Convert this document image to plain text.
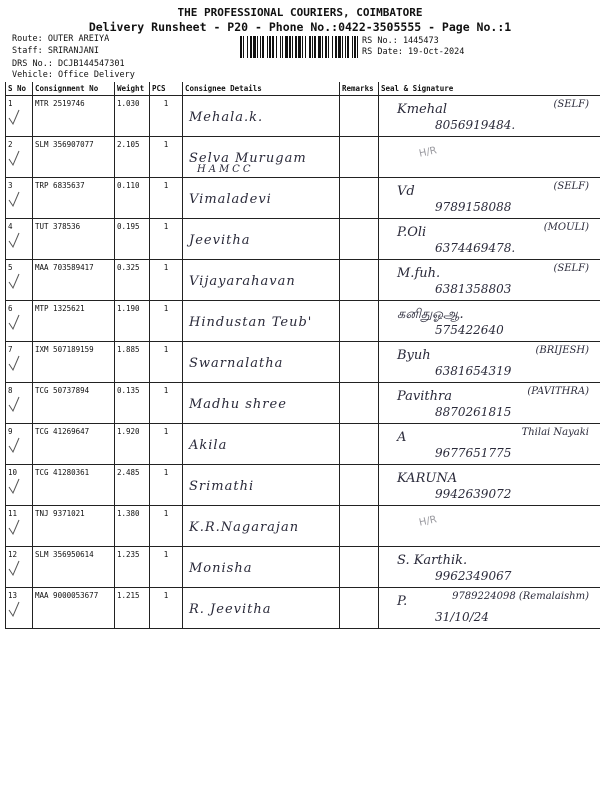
THE PROFESSIONAL COURIERS, COIMBATORE
Delivery Runsheet - P20 - Phone No.:0422-3505555 - Page No.:1
Route: OUTER AREIYA
Staff: SRIRANJANI
DRS No.: DCJB144547301
Vehicle: Office Delivery
RS No.: 1445473
RS Date: 19-Oct-2024
S No	Consignment No	Weight	PCS	Consignee Details	Remarks	Seal & Signature

1	MTR 2519746	1.030	1	Mehala.k.		Kmehal
8056919484.
(SELF)

2	SLM 356907077	2.105	1	Selva Murugam
HAMCC		H/R

3	TRP 6835637	0.110	1	Vimaladevi		Vd
9789158088
(SELF)

4	TUT 378536	0.195	1	Jeevitha		P.Oli
6374469478.
(MOULI)

5	MAA 703589417	0.325	1	Vijayarahavan		M.fuh.
6381358803
(SELF)

6	MTP 1325621	1.190	1	Hindustan Teub'		கனிதுஓஆ.
575422640

7	IXM 507189159	1.885	1	Swarnalatha		Byuh
6381654319
(BRIJESH)

8	TCG 50737894	0.135	1	Madhu shree		Pavithra
8870261815
(PAVITHRA)

9	TCG 41269647	1.920	1	Akila		A
9677651775
Thilai Nayaki

10	TCG 41280361	2.485	1	Srimathi		KARUNA
9942639072

11	TNJ 9371021	1.380	1	K.R.Nagarajan		H/R

12	SLM 356950614	1.235	1	Monisha		S. Karthik.
9962349067

13	MAA 9000053677	1.215	1	R. Jeevitha		P.
31/10/24
9789224098 (Remalaishm)
